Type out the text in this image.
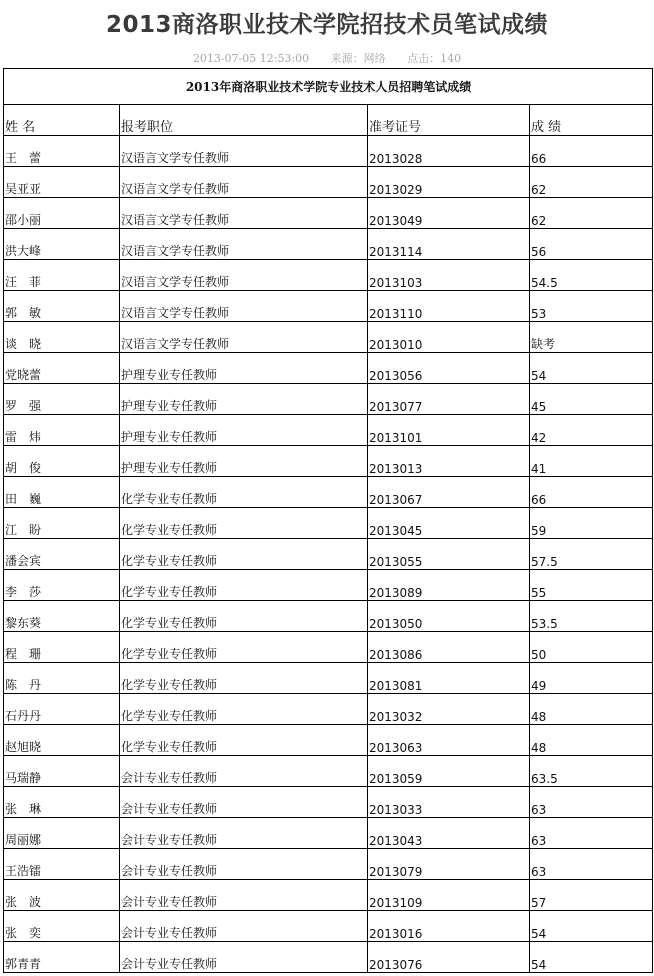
2013商洛职业技术学院招技术员笔试成绩
2013-07-05 12:53:00 来源：网络 点击：140
2013年商洛职业技术学院专业技术人员招聘笔试成绩			
姓 名	报考职位	准考证号	成 绩
王　蕾	汉语言文学专任教师	2013028	66
吴亚亚	汉语言文学专任教师	2013029	62
邵小丽	汉语言文学专任教师	2013049	62
洪大峰	汉语言文学专任教师	2013114	56
汪　菲	汉语言文学专任教师	2013103	54.5
郭　敏	汉语言文学专任教师	2013110	53
谈　晓	汉语言文学专任教师	2013010	缺考
党晓蕾	护理专业专任教师	2013056	54
罗　强	护理专业专任教师	2013077	45
雷　炜	护理专业专任教师	2013101	42
胡　俊	护理专业专任教师	2013013	41
田　巍	化学专业专任教师	2013067	66
江　盼	化学专业专任教师	2013045	59
潘会宾	化学专业专任教师	2013055	57.5
李　莎	化学专业专任教师	2013089	55
黎东葵	化学专业专任教师	2013050	53.5
程　珊	化学专业专任教师	2013086	50
陈　丹	化学专业专任教师	2013081	49
石丹丹	化学专业专任教师	2013032	48
赵旭晓	化学专业专任教师	2013063	48
马瑞静	会计专业专任教师	2013059	63.5
张　琳	会计专业专任教师	2013033	63
周丽娜	会计专业专任教师	2013043	63
王浩镭	会计专业专任教师	2013079	63
张　波	会计专业专任教师	2013109	57
张　奕	会计专业专任教师	2013016	54
郭青青	会计专业专任教师	2013076	54
